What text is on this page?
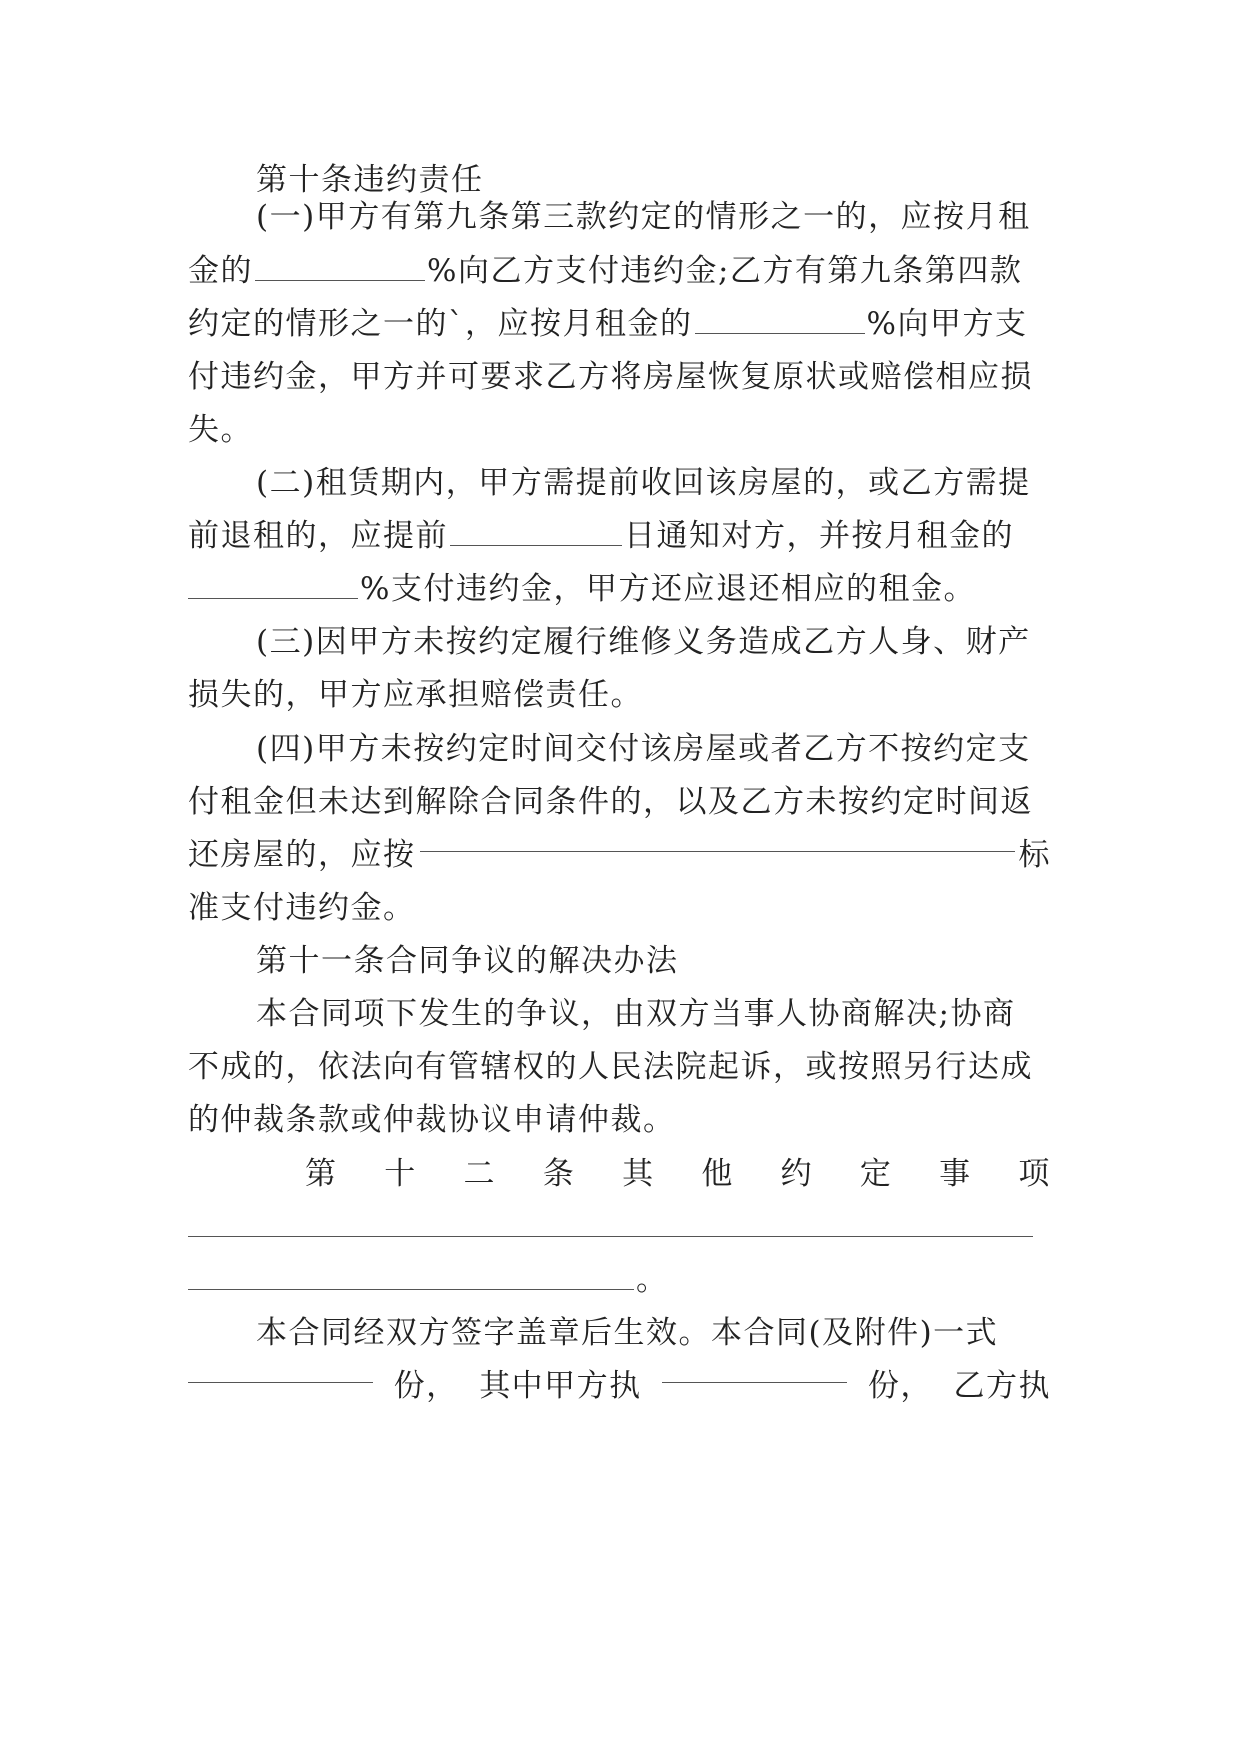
第十条违约责任
(一)甲方有第九条第三款约定的情形之一的，应按月租
金的	%向乙方支付违约金;乙方有第九条第四款
约定的情形之一的`，应按月租金的	%向甲方支
付违约金，甲方并可要求乙方将房屋恢复原状或赔偿相应损
失。
(二)租赁期内，甲方需提前收回该房屋的，或乙方需提
前退租的，应提前	日通知对方，并按月租金的
%支付违约金，甲方还应退还相应的租金。
(三)因甲方未按约定履行维修义务造成乙方人身、财产
损失的，甲方应承担赔偿责任。
(四)甲方未按约定时间交付该房屋或者乙方不按约定支
付租金但未达到解除合同条件的，以及乙方未按约定时间返
还房屋的，应按	标
准支付违约金。
第十一条合同争议的解决办法
本合同项下发生的争议，由双方当事人协商解决;协商
不成的，依法向有管辖权的人民法院起诉，或按照另行达成
的仲裁条款或仲裁协议申请仲裁。
第 十 二 条 其 他 约 定 事 项
。
本合同经双方签字盖章后生效。本合同(及附件)一式
份， 其中甲方执	份， 乙方执
